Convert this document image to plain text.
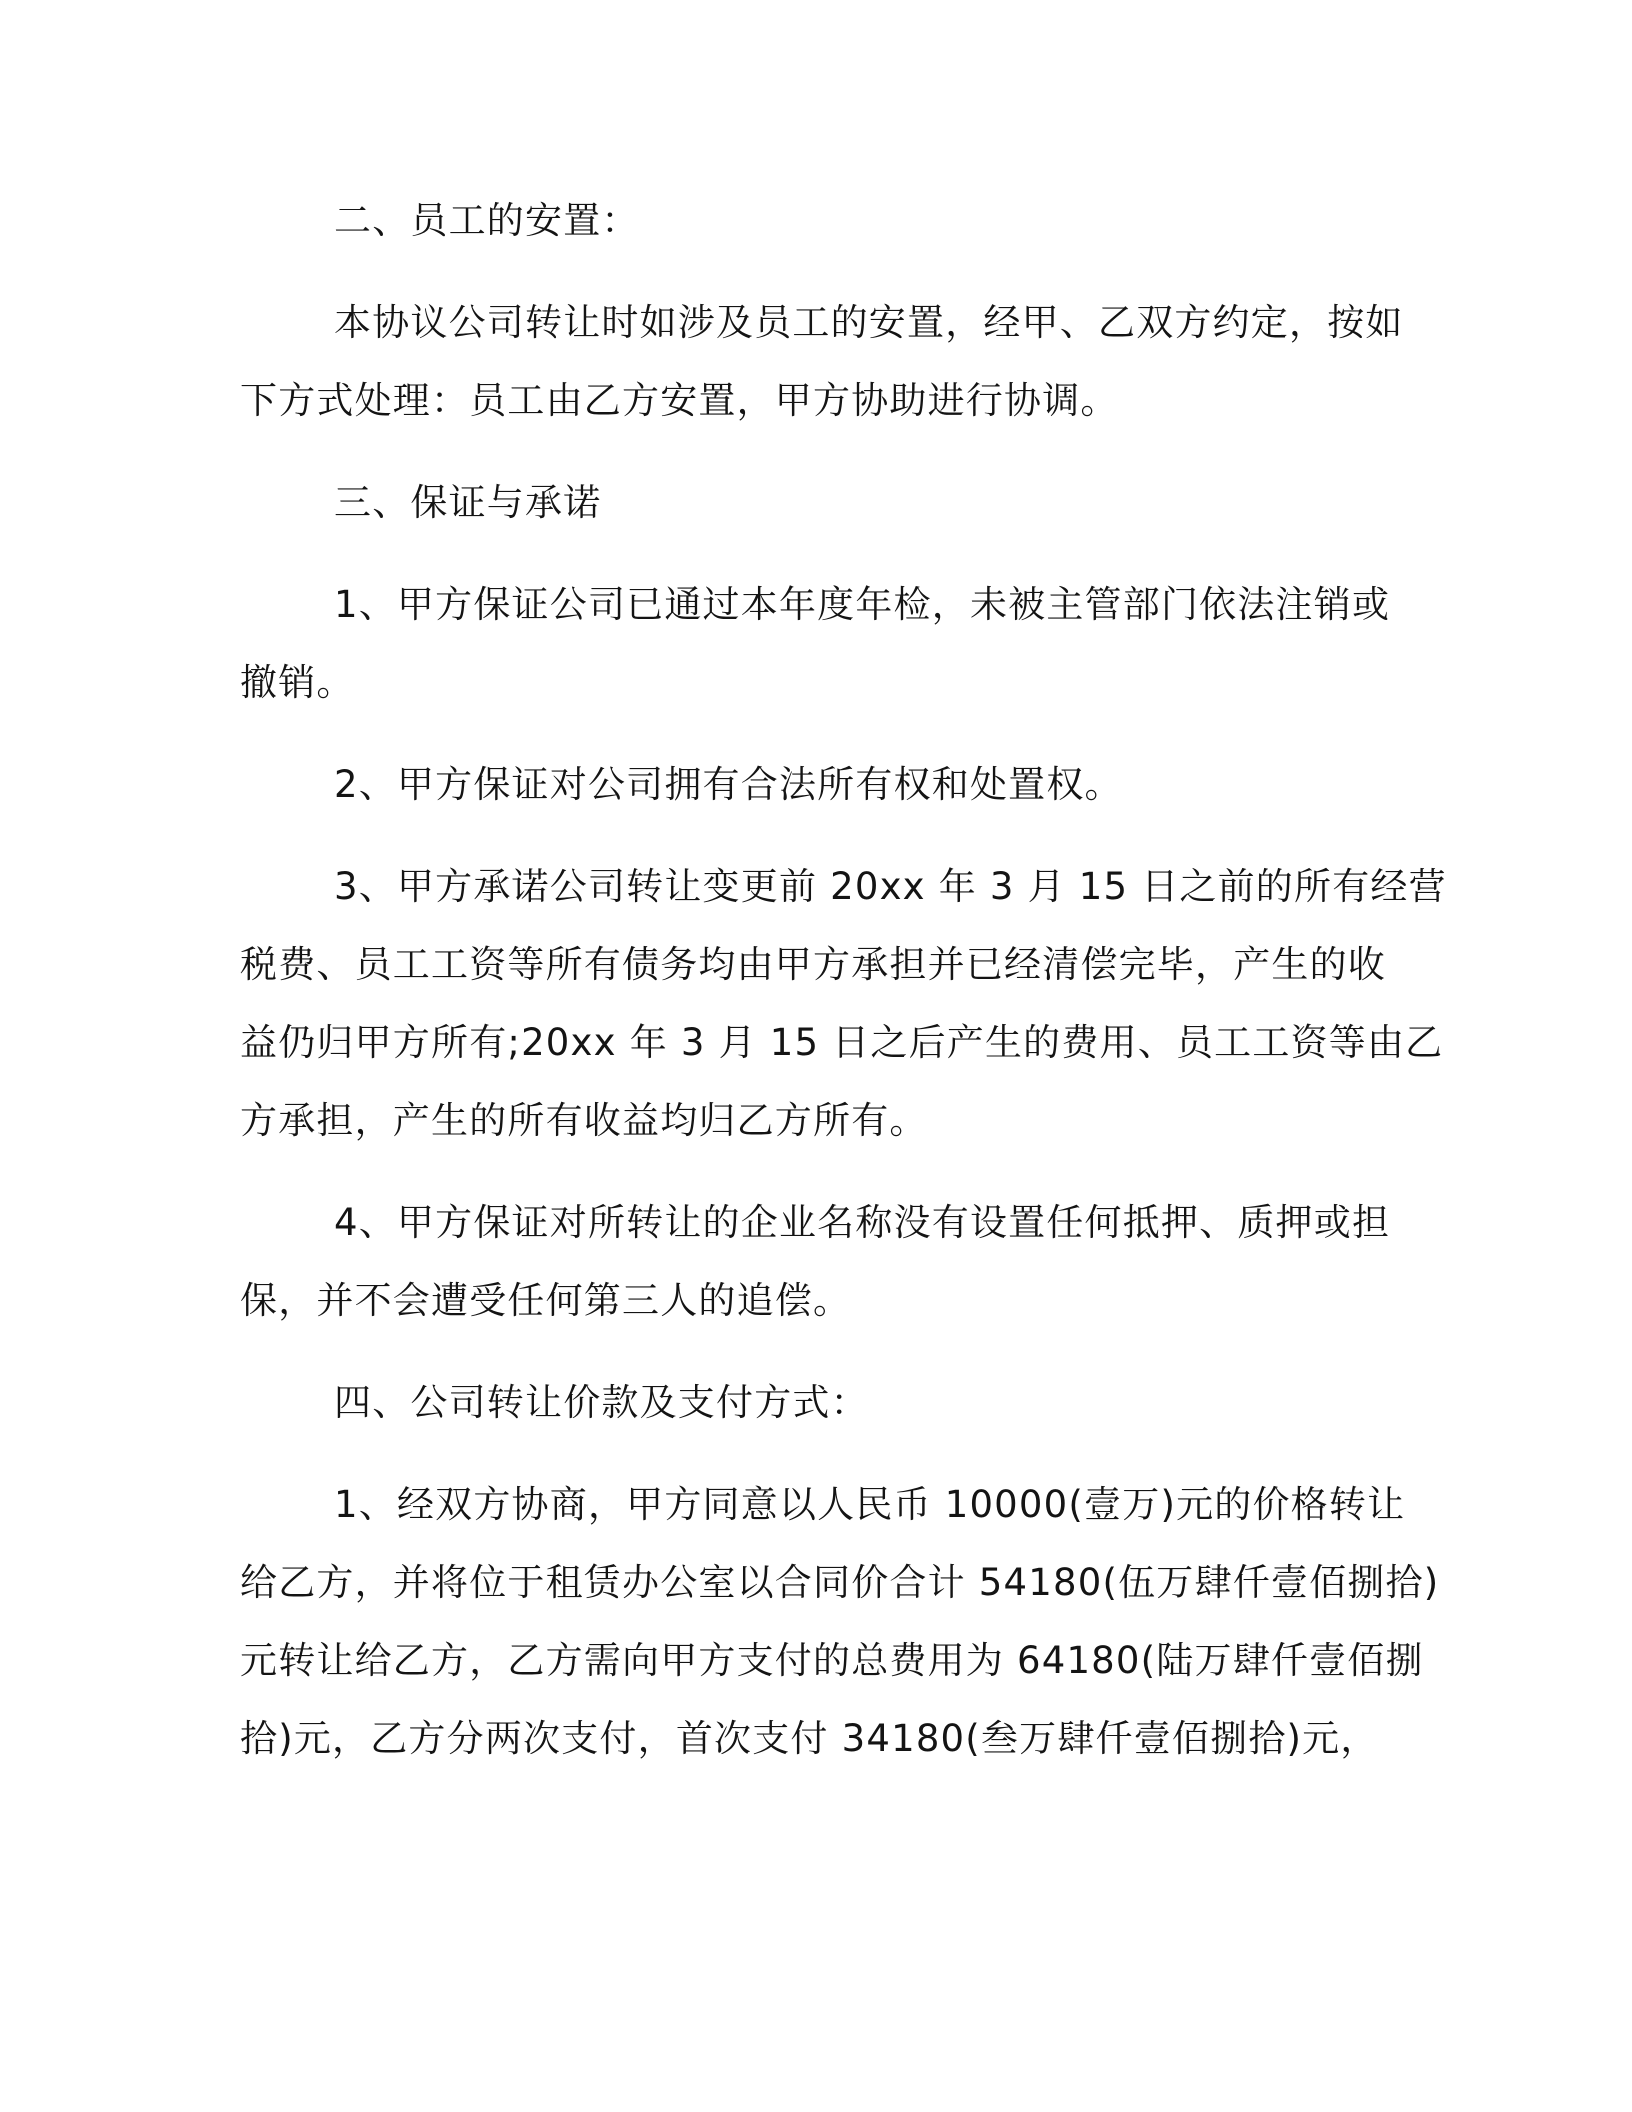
二、员工的安置：
本协议公司转让时如涉及员工的安置，经甲、乙双方约定，按如
下方式处理：员工由乙方安置，甲方协助进行协调。
三、保证与承诺
1、甲方保证公司已通过本年度年检，未被主管部门依法注销或
撤销。
2、甲方保证对公司拥有合法所有权和处置权。
3、甲方承诺公司转让变更前 20xx 年 3 月 15 日之前的所有经营
税费、员工工资等所有债务均由甲方承担并已经清偿完毕，产生的收
益仍归甲方所有;20xx 年 3 月 15 日之后产生的费用、员工工资等由乙
方承担，产生的所有收益均归乙方所有。
4、甲方保证对所转让的企业名称没有设置任何抵押、质押或担
保，并不会遭受任何第三人的追偿。
四、公司转让价款及支付方式：
1、经双方协商，甲方同意以人民币 10000(壹万)元的价格转让
给乙方，并将位于租赁办公室以合同价合计 54180(伍万肆仟壹佰捌拾)
元转让给乙方，乙方需向甲方支付的总费用为 64180(陆万肆仟壹佰捌
拾)元，乙方分两次支付，首次支付 34180(叁万肆仟壹佰捌拾)元，
